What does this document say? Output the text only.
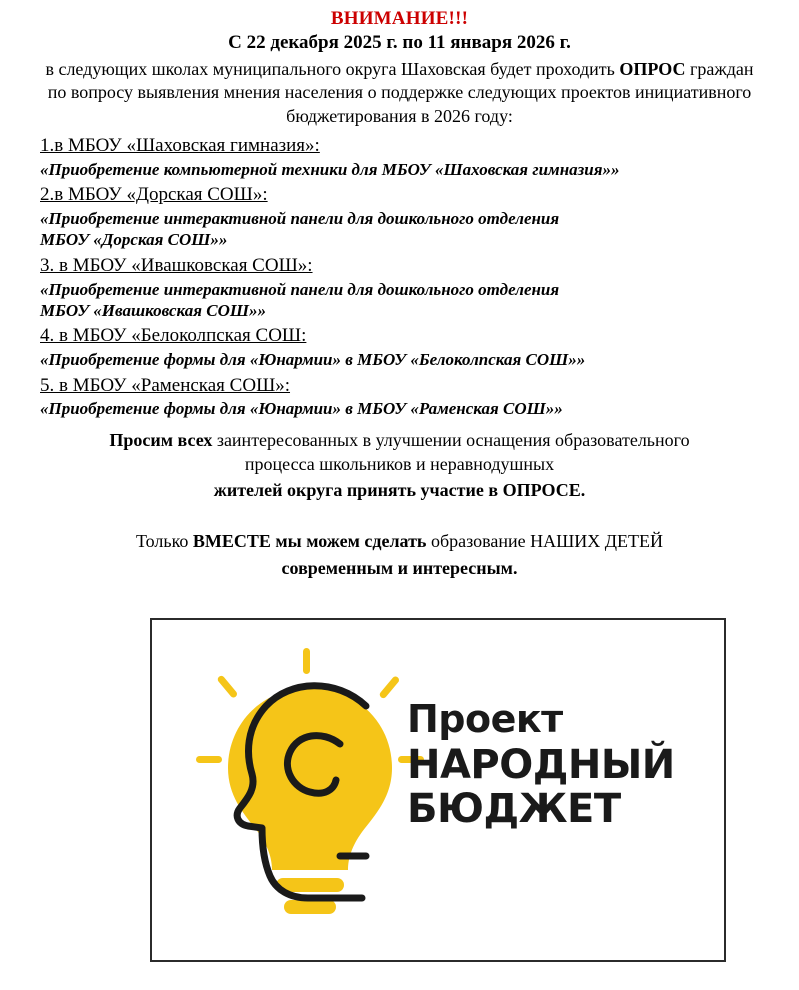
ВНИМАНИЕ!!!
С 22 декабря 2025 г. по 11 января 2026 г.
в следующих школах муниципального округа Шаховская будет проходить ОПРОС граждан по вопросу выявления мнения населения о поддержке следующих проектов инициативного бюджетирования в 2026 году:
1.в МБОУ «Шаховская гимназия»:
«Приобретение компьютерной техники для МБОУ «Шаховская гимназия»»
2.в МБОУ «Дорская СОШ»:
«Приобретение интерактивной панели для дошкольного отделения
МБОУ «Дорская СОШ»»
3. в МБОУ «Ивашковская СОШ»:
«Приобретение интерактивной панели для дошкольного отделения
МБОУ «Ивашковская СОШ»»
4. в МБОУ «Белоколпская СОШ:
«Приобретение формы для «Юнармии» в МБОУ «Белоколпская СОШ»»
5. в МБОУ «Раменская СОШ»:
«Приобретение формы для «Юнармии» в МБОУ «Раменская СОШ»»
Просим всех заинтересованных в улучшении оснащения образовательного
процесса школьников и неравнодушных
жителей округа принять участие в ОПРОСЕ.
Только ВМЕСТЕ мы можем сделать образование НАШИХ ДЕТЕЙ
современным и интересным.
Проект
НАРОДНЫЙ
БЮДЖЕТ
